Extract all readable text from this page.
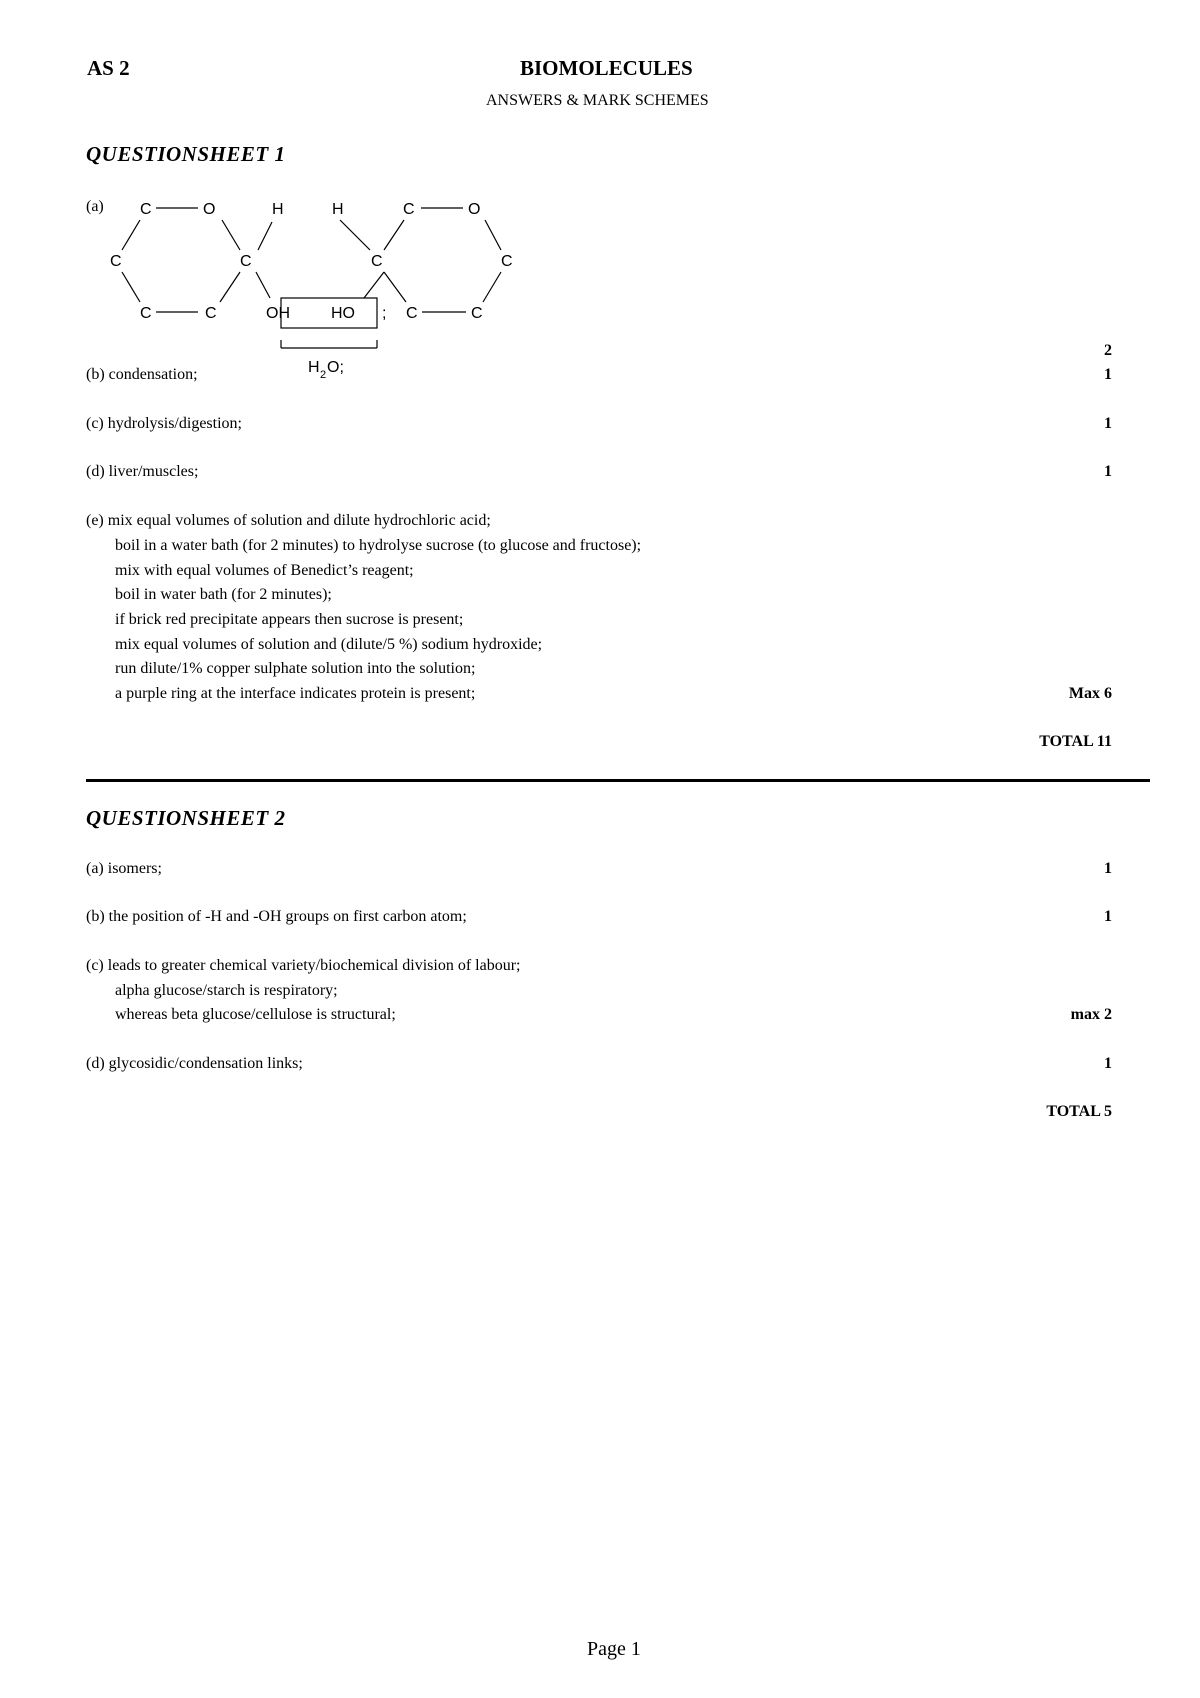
AS 2	BIOMOLECULES
ANSWERS & MARK SCHEMES
QUESTIONSHEET 1
(a) C	O
C	C
C	C
H
OH
H	C	O
C	C
HO ; C	C
H 2 O;
2
(b) condensation;	1
(c) hydrolysis/digestion;	1
(d) liver/muscles;	1
(e) mix equal volumes of solution and dilute hydrochloric acid;
boil in a water bath (for 2 minutes) to hydrolyse sucrose (to glucose and fructose);
mix with equal volumes of Benedict’s reagent;
boil in water bath (for 2 minutes);
if brick red precipitate appears then sucrose is present;
mix equal volumes of solution and (dilute/5 %) sodium hydroxide;
run dilute/1% copper sulphate solution into the solution;
a purple ring at the interface indicates protein is present;	Max 6
TOTAL 11
QUESTIONSHEET 2
(a) isomers;	1
(b) the position of -H and -OH groups on first carbon atom;	1
(c) leads to greater chemical variety/biochemical division of labour;
alpha glucose/starch is respiratory;
whereas beta glucose/cellulose is structural;	max 2
(d) glycosidic/condensation links;	1
TOTAL 5
Page 1
